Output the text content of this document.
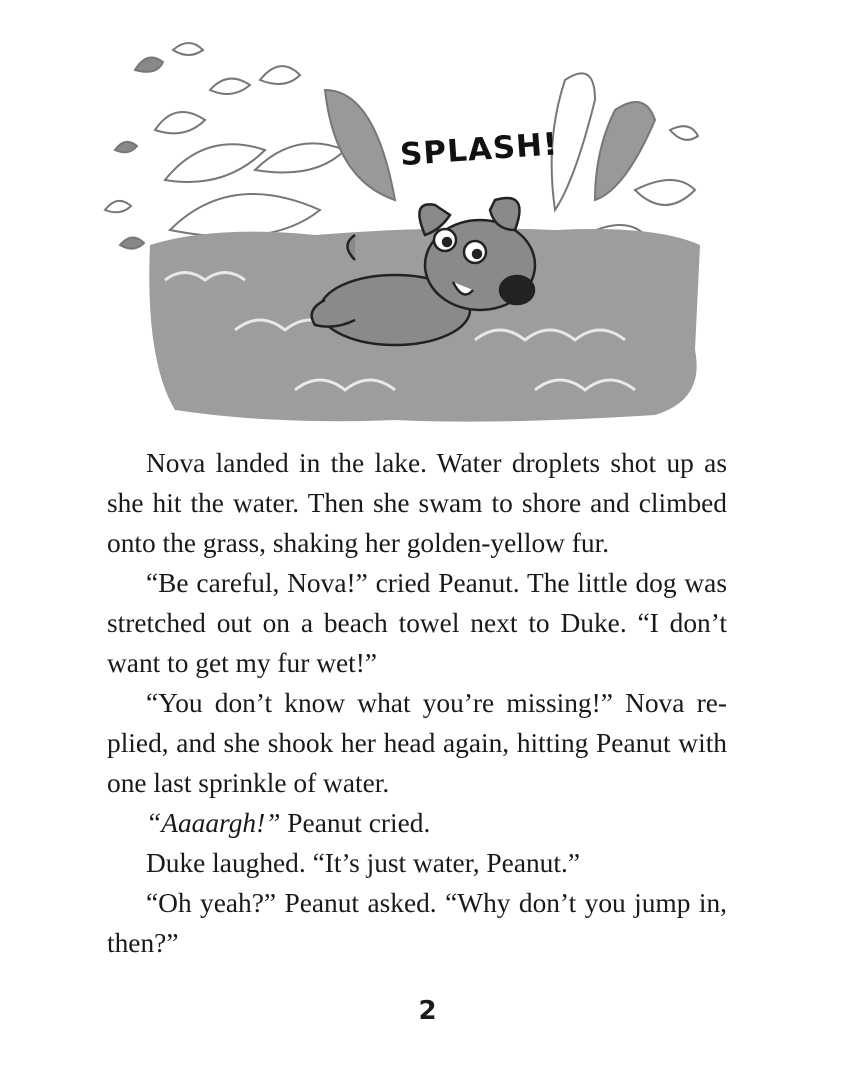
SPLASH!

Nova landed in the lake. Water droplets shot up as she hit the water. Then she swam to shore and climbed onto the grass, shaking her golden-yellow fur.

“Be careful, Nova!” cried Peanut. The little dog was stretched out on a beach towel next to Duke. “I don’t want to get my fur wet!”

“You don’t know what you’re missing!” Nova re-plied, and she shook her head again, hitting Peanut with one last sprinkle of water.

“Aaaargh!” Peanut cried.

Duke laughed. “It’s just water, Peanut.”

“Oh yeah?” Peanut asked. “Why don’t you jump in, then?”

2
